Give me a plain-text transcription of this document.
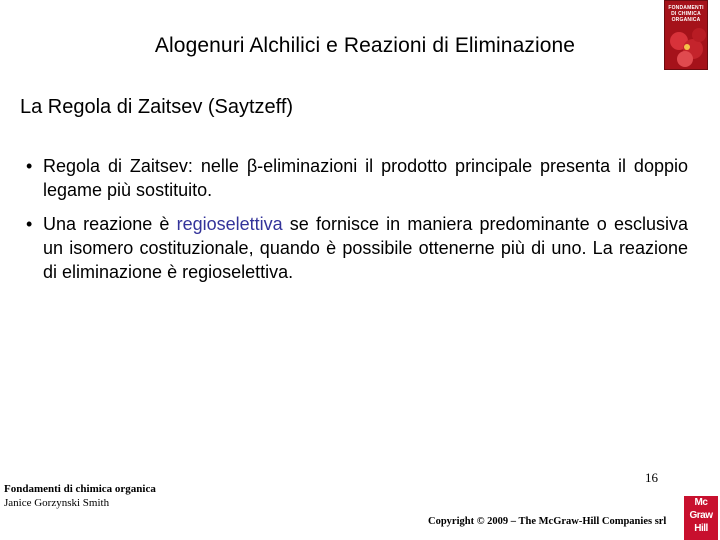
Alogenuri Alchilici e Reazioni di Eliminazione
FONDAMENTI
DI CHIMICA
ORGANICA
La Regola di Zaitsev (Saytzeff)
• Regola di Zaitsev: nelle β-eliminazioni il prodotto principale presenta il doppio legame più sostituito.
• Una reazione è regioselettiva se fornisce in maniera predominante o esclusiva un isomero costituzionale, quando è possibile ottenerne più di uno. La reazione di eliminazione è regioselettiva.
16
Fondamenti di chimica organica
Janice Gorzynski Smith
Copyright © 2009 – The McGraw-Hill Companies srl
Mc
Graw
Hill
